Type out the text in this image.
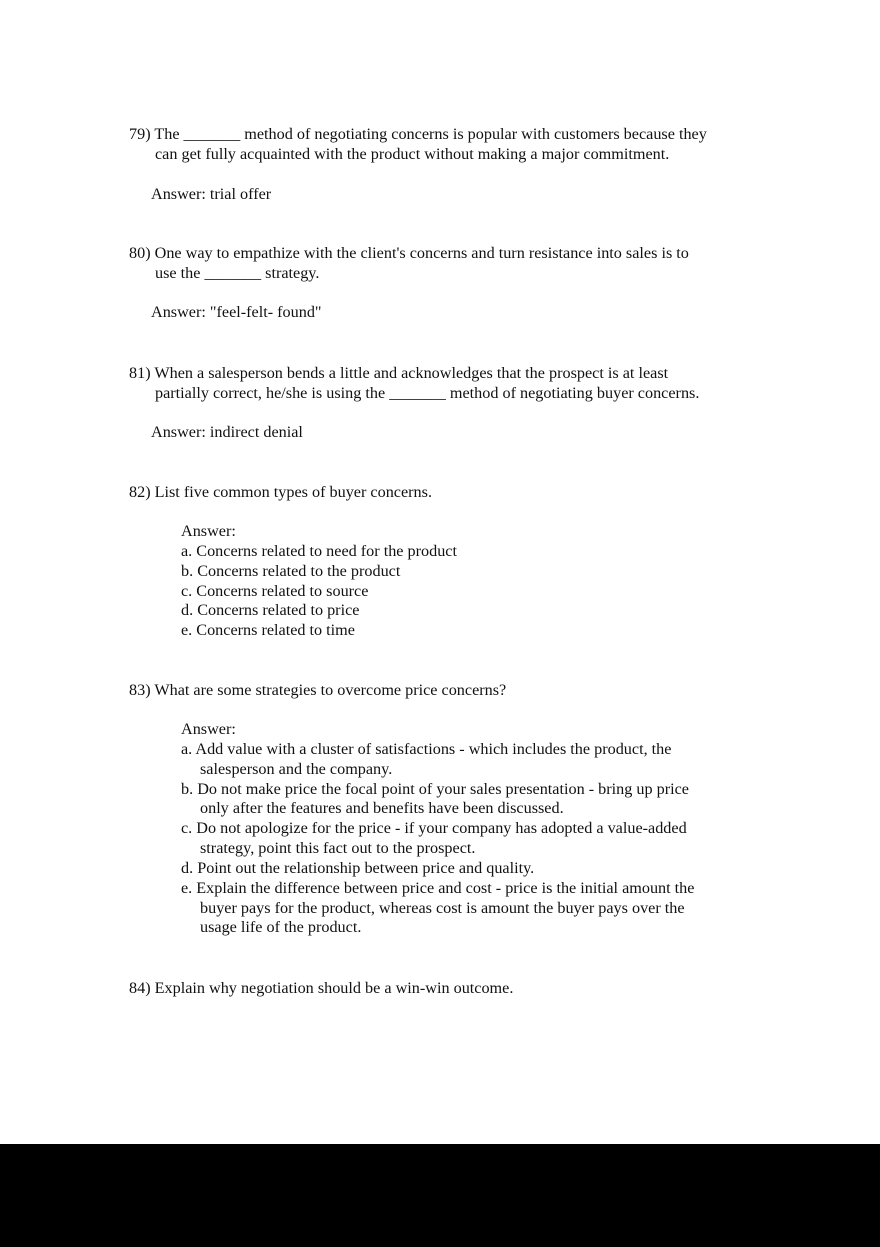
79) The _______ method of negotiating concerns is popular with customers because they
can get fully acquainted with the product without making a major commitment.
Answer: trial offer
80) One way to empathize with the client's concerns and turn resistance into sales is to
use the _______ strategy.
Answer: "feel-felt- found"
81) When a salesperson bends a little and acknowledges that the prospect is at least
partially correct, he/she is using the _______ method of negotiating buyer concerns.
Answer: indirect denial
82) List five common types of buyer concerns.
Answer:
a. Concerns related to need for the product
b. Concerns related to the product
c. Concerns related to source
d. Concerns related to price
e. Concerns related to time
83) What are some strategies to overcome price concerns?
Answer:
a. Add value with a cluster of satisfactions - which includes the product, the
salesperson and the company.
b. Do not make price the focal point of your sales presentation - bring up price
only after the features and benefits have been discussed.
c. Do not apologize for the price - if your company has adopted a value-added
strategy, point this fact out to the prospect.
d. Point out the relationship between price and quality.
e. Explain the difference between price and cost - price is the initial amount the
buyer pays for the product, whereas cost is amount the buyer pays over the
usage life of the product.
84) Explain why negotiation should be a win-win outcome.
